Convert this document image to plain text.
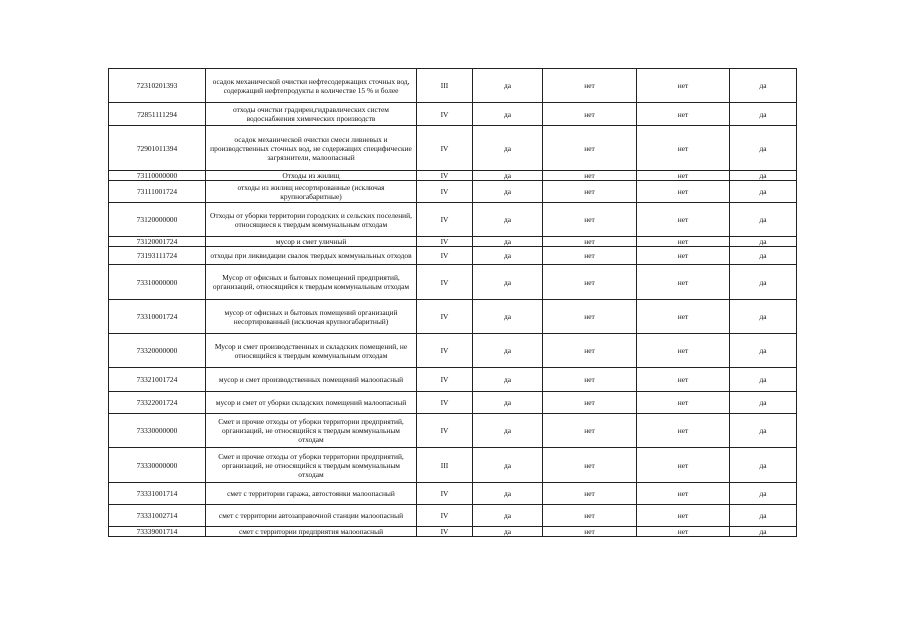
72310201393	осадок механической очистки нефтесодержащих сточных вод, содержащий нефтепродукты в количестве 15 % и более	III	да	нет	нет	да
72851111294	отходы очистки градирен,гидравлических систем водоснабжения химических производств	IV	да	нет	нет	да
72901011394	осадок механической очистки смеси ливневых и производственных сточных вод, не содержащих специфические загрязнители, малоопасный	IV	да	нет	нет	да
73110000000	Отходы из жилищ	IV	да	нет	нет	да
73111001724	отходы из жилищ несортированные (исключая крупногабаритные)	IV	да	нет	нет	да
73120000000	Отходы от уборки территории городских и сельских поселений, относящиеся к твердым коммунальным отходам	IV	да	нет	нет	да
73120001724	мусор и смет уличный	IV	да	нет	нет	да
73193111724	отходы при ликвидации свалок твердых коммунальных отходов	IV	да	нет	нет	да
73310000000	Мусор от офисных и бытовых помещений предприятий, организаций, относящийся к твердым коммунальным отходам	IV	да	нет	нет	да
73310001724	мусор от офисных и бытовых помещений организаций несортированный (исключая крупногабаритный)	IV	да	нет	нет	да
73320000000	Мусор и смет производственных и складских помещений, не относящийся к твердым коммунальным отходам	IV	да	нет	нет	да
73321001724	мусор и смет производственных помещений малоопасный	IV	да	нет	нет	да
73322001724	мусор и смет от уборки складских помещений малоопасный	IV	да	нет	нет	да
73330000000	Смет и прочие отходы от уборки территории предприятий, организаций, не относящийся к твердым коммунальным отходам	IV	да	нет	нет	да
73330000000	Смет и прочие отходы от уборки территории предприятий, организаций, не относящийся к твердым коммунальным отходам	III	да	нет	нет	да
73331001714	смет с территории гаража, автостоянки малоопасный	IV	да	нет	нет	да
73331002714	смет с территории автозаправочной станции малоопасный	IV	да	нет	нет	да
73339001714	смет с территории предприятия малоопасный	IV	да	нет	нет	да
